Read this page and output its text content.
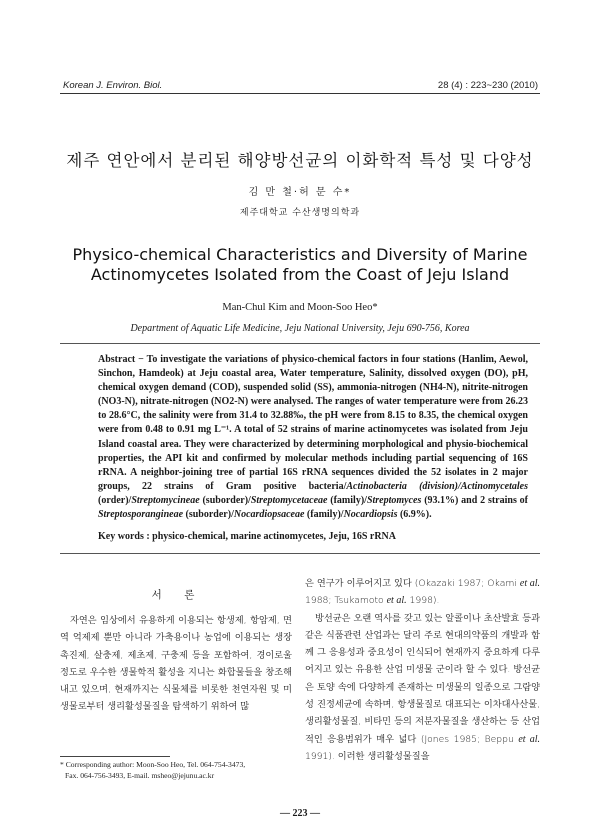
Korean J. Environ. Biol.	28 (4) : 223~230 (2010)
제주 연안에서 분리된 해양방선균의 이화학적 특성 및 다양성
김 만 철·허 문 수*
제주대학교 수산생명의학과
Physico-chemical Characteristics and Diversity of Marine
Actinomycetes Isolated from the Coast of Jeju Island
Man-Chul Kim and Moon-Soo Heo*
Department of Aquatic Life Medicine, Jeju National University, Jeju 690-756, Korea
Abstract − To investigate the variations of physico-chemical factors in four stations (Hanlim, Aewol, Sinchon, Hamdeok) at Jeju coastal area, Water temperature, Salinity, dissolved oxygen (DO), pH, chemical oxygen demand (COD), suspended solid (SS), ammonia-nitrogen (NH4-N), nitrite-nitrogen (NO3-N), nitrate-nitrogen (NO2-N) were analysed. The ranges of water temperature were from 26.23 to 28.6°C, the salinity were from 31.4 to 32.88‰, the pH were from 8.15 to 8.35, the chemical oxygen were from 0.48 to 0.91 mg L⁻¹. A total of 52 strains of marine actinomycetes was isolated from Jeju Island coastal area. They were characterized by determining morphological and physio-biochemical properties, the API kit and confirmed by molecular methods including partial sequencing of 16S rRNA. A neighbor-joining tree of partial 16S rRNA sequences divided the 52 isolates in 2 major groups, 22 strains of Gram positive bacteria/Actinobacteria (division)/Actinomycetales (order)/Streptomycineae (suborder)/Streptomycetaceae (family)/Streptomyces (93.1%) and 2 strains of Streptosporangineae (suborder)/Nocardiopsaceae (family)/Nocardiopsis (6.9%).
Key words : physico-chemical, marine actinomycetes, Jeju, 16S rRNA
서　론
자연은 임상에서 유용하게 이용되는 항생제, 항암제, 면역 억제제 뿐만 아니라 가축용이나 농업에 이용되는 생장촉진제, 살충제, 제초제, 구충제 등을 포함하여, 경이로울 정도로 우수한 생물학적 활성을 지니는 화합물들을 창조해내고 있으며, 현재까지는 식물체를 비롯한 천연자원 및 미생물로부터 생리활성물질을 탐색하기 위하여 많

은 연구가 이루어지고 있다 (Okazaki 1987; Okami et al. 1988; Tsukamoto et al. 1998).

방선균은 오랜 역사를 갖고 있는 알콜이나 초산발효 등과 같은 식품관련 산업과는 달리 주로 현대의약품의 개발과 함께 그 응용성과 중요성이 인식되어 현재까지 중요하게 다루어지고 있는 유용한 산업 미생물 군이라 할 수 있다. 방선균은 토양 속에 다양하게 존재하는 미생물의 일종으로 그람양성 진정세균에 속하며, 항생물질로 대표되는 이차대사산물, 생리활성물질, 비타민 등의 저분자물질을 생산하는 등 산업적인 응용범위가 매우 넓다 (Jones 1985; Beppu et al. 1991). 이러한 생리활성물질을

* Corresponding author: Moon-Soo Heo, Tel. 064-754-3473,
Fax. 064-756-3493, E-mail. msheo@jejunu.ac.kr
— 223 —
